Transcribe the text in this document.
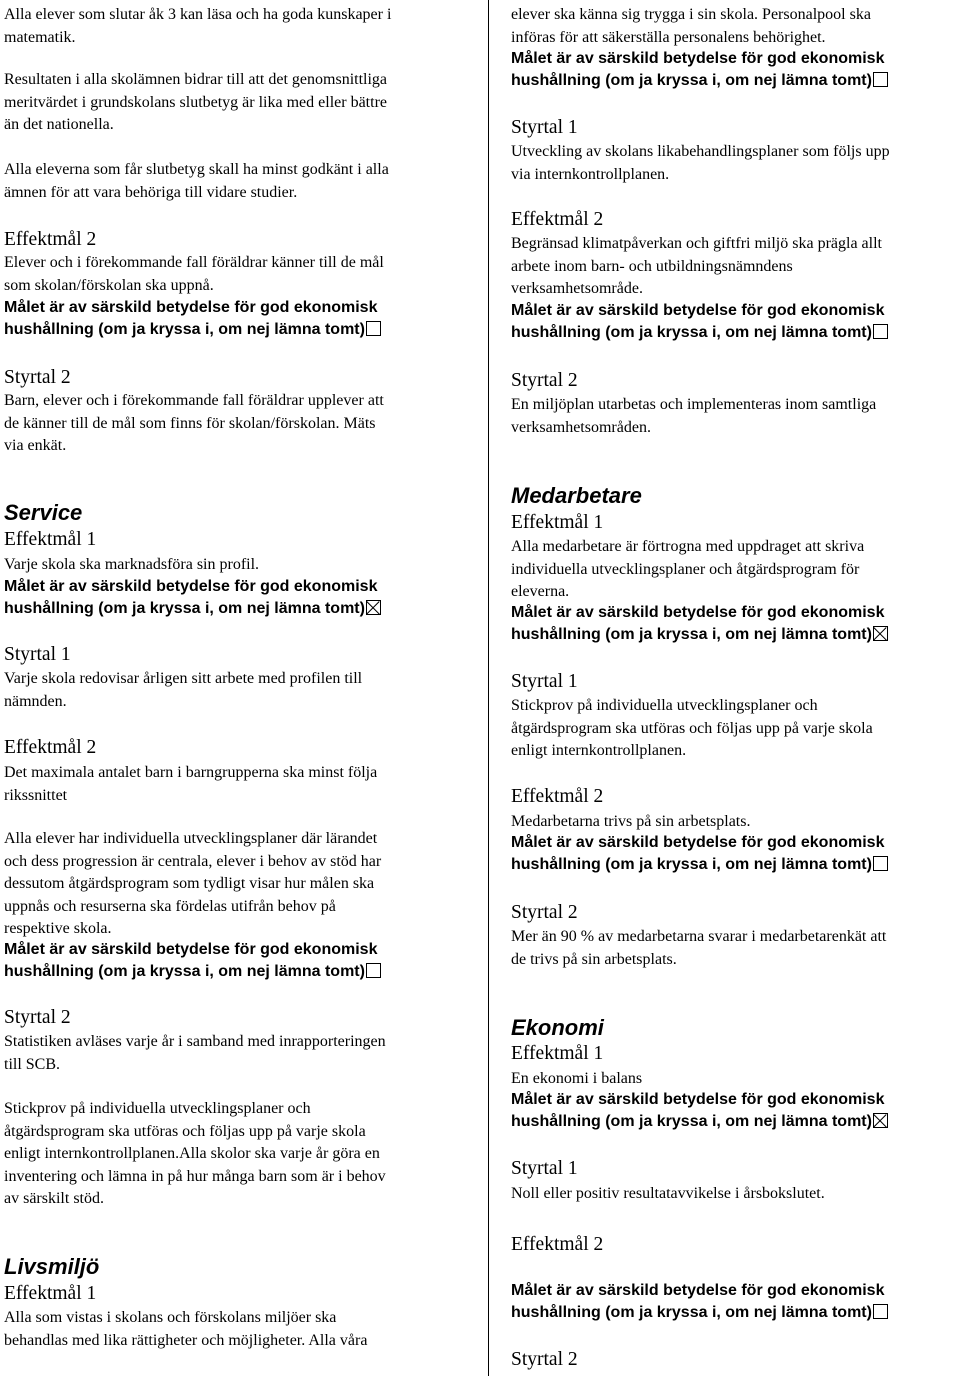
Alla elever som slutar åk 3 kan läsa och ha goda kunskaper i
matematik.
Resultaten i alla skolämnen bidrar till att det genomsnittliga
meritvärdet i grundskolans slutbetyg är lika med eller bättre
än det nationella.
Alla eleverna som får slutbetyg skall ha minst godkänt i alla
ämnen för att vara behöriga till vidare studier.
Effektmål 2
Elever och i förekommande fall föräldrar känner till de mål
som skolan/förskolan ska uppnå.
Målet är av särskild betydelse för god ekonomisk
hushållning (om ja kryssa i, om nej lämna tomt)
Styrtal 2
Barn, elever och i förekommande fall föräldrar upplever att
de känner till de mål som finns för skolan/förskolan. Mäts
via enkät.
Service
Effektmål 1
Varje skola ska marknadsföra sin profil.
Målet är av särskild betydelse för god ekonomisk
hushållning (om ja kryssa i, om nej lämna tomt)
Styrtal 1
Varje skola redovisar årligen sitt arbete med profilen till
nämnden.
Effektmål 2
Det maximala antalet barn i barngrupperna ska minst följa
rikssnittet
Alla elever har individuella utvecklingsplaner där lärandet
och dess progression är centrala, elever i behov av stöd har
dessutom åtgärdsprogram som tydligt visar hur målen ska
uppnås och resurserna ska fördelas utifrån behov på
respektive skola.
Målet är av särskild betydelse för god ekonomisk
hushållning (om ja kryssa i, om nej lämna tomt)
Styrtal 2
Statistiken avläses varje år i samband med inrapporteringen
till SCB.
Stickprov på individuella utvecklingsplaner och
åtgärdsprogram ska utföras och följas upp på varje skola
enligt internkontrollplanen.Alla skolor ska varje år göra en
inventering och lämna in på hur många barn som är i behov
av särskilt stöd.
Livsmiljö
Effektmål 1
Alla som vistas i skolans och förskolans miljöer ska
behandlas med lika rättigheter och möjligheter. Alla våra
elever ska känna sig trygga i sin skola. Personalpool ska
införas för att säkerställa personalens behörighet.
Målet är av särskild betydelse för god ekonomisk
hushållning (om ja kryssa i, om nej lämna tomt)
Styrtal 1
Utveckling av skolans likabehandlingsplaner som följs upp
via internkontrollplanen.
Effektmål 2
Begränsad klimatpåverkan och giftfri miljö ska prägla allt
arbete inom barn- och utbildningsnämndens
verksamhetsområde.
Målet är av särskild betydelse för god ekonomisk
hushållning (om ja kryssa i, om nej lämna tomt)
Styrtal 2
En miljöplan utarbetas och implementeras inom samtliga
verksamhetsområden.
Medarbetare
Effektmål 1
Alla medarbetare är förtrogna med uppdraget att skriva
individuella utvecklingsplaner och åtgärdsprogram för
eleverna.
Målet är av särskild betydelse för god ekonomisk
hushållning (om ja kryssa i, om nej lämna tomt)
Styrtal 1
Stickprov på individuella utvecklingsplaner och
åtgärdsprogram ska utföras och följas upp på varje skola
enligt internkontrollplanen.
Effektmål 2
Medarbetarna trivs på sin arbetsplats.
Målet är av särskild betydelse för god ekonomisk
hushållning (om ja kryssa i, om nej lämna tomt)
Styrtal 2
Mer än 90 % av medarbetarna svarar i medarbetarenkät att
de trivs på sin arbetsplats.
Ekonomi
Effektmål 1
En ekonomi i balans
Målet är av särskild betydelse för god ekonomisk
hushållning (om ja kryssa i, om nej lämna tomt)
Styrtal 1
Noll eller positiv resultatavvikelse i årsbokslutet.
Effektmål 2
Målet är av särskild betydelse för god ekonomisk
hushållning (om ja kryssa i, om nej lämna tomt)
Styrtal 2
